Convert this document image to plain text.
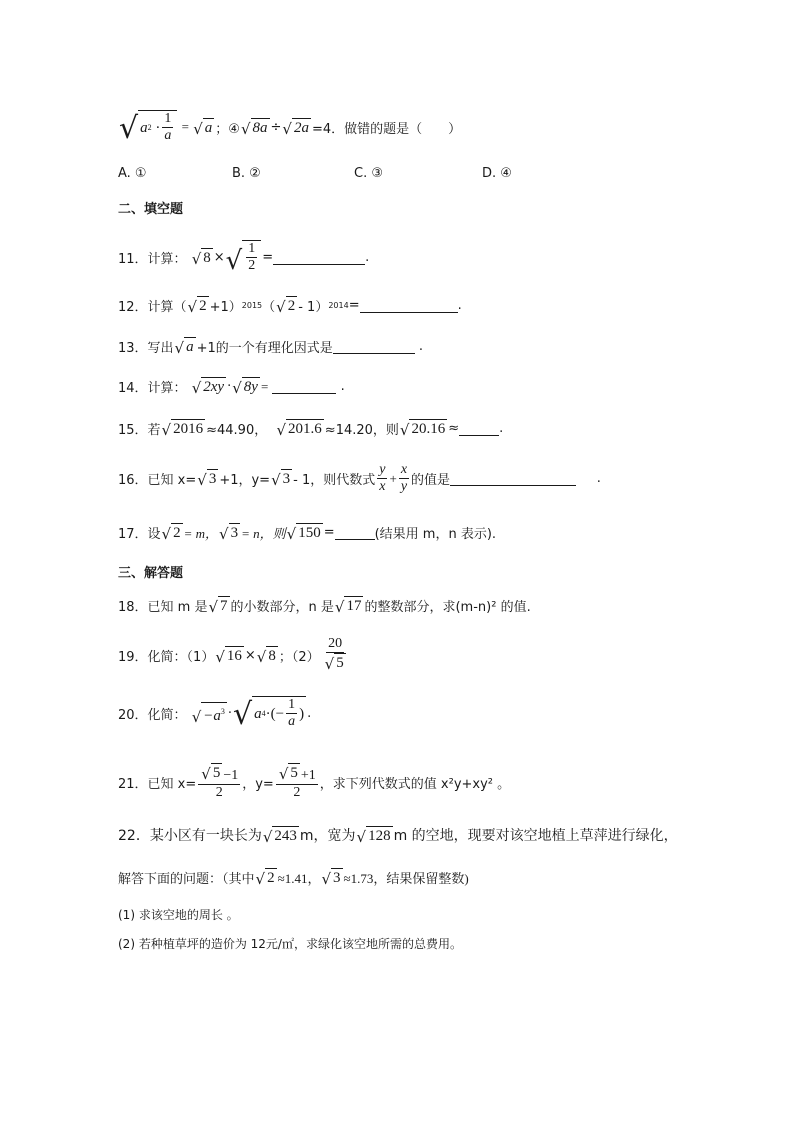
√ a $2 \cdot \frac{1}{a}$ = √ a ；④ √ 8a ÷ √ 2a =4．做错的题是（　　）
A. ①	B. ②	C. ③	D. ④
二、填空题
11．计算：
√ 8 × √ $\frac{1}{2}$ =	.
12．计算（ √ 2 +1） 2015 （ √ 2 - 1） 2014 =	.
13．写出 √ a +1的一个有理化因式是
	.
14．计算：
√ 2xy · √ 8y =

	.
15．若 √ 2016 ≈44.90，
√ 201.6 ≈14.20，则 √ 20.16 ≈	.
16．已知 x= √ 3 +1，y= √ 3 - 1，则代数式 $\frac{y}{x} + \frac{x}{y}$ 的值是
	.
17．设 √ 2 = m， √ 3 = n，则 √ 150 =	(结果用 m，n 表示).
三、解答题
18．已知 m 是 √ 7 的小数部分，n 是 √ 17 的整数部分，求(m-n)² 的值.
19．化简：（1） √ 16 × √ 8 ；$(2) \frac{20}{√ 5}$
20．化简：
√ $-a^3$ · √ a 4 ·(− $\frac{1}{a}$ ) .
21．已知 $x= \frac{√ 5 -1}{2}$ ，$y= \frac{√ 5 +1}{2}$ ，求下列代数式的值 x²y+xy² 。
22．某小区有一块长为 √ 243 m，宽为 √ 128 m 的空地，现要对该空地植上草萍进行绿化，
解答下面的问题：（其中 √ 2 ≈1.41， √ 3 ≈1.73，结果保留整数)
(1) 求该空地的周长 。
(2) 若种植草坪的造价为 12元/㎡，求绿化该空地所需的总费用。
